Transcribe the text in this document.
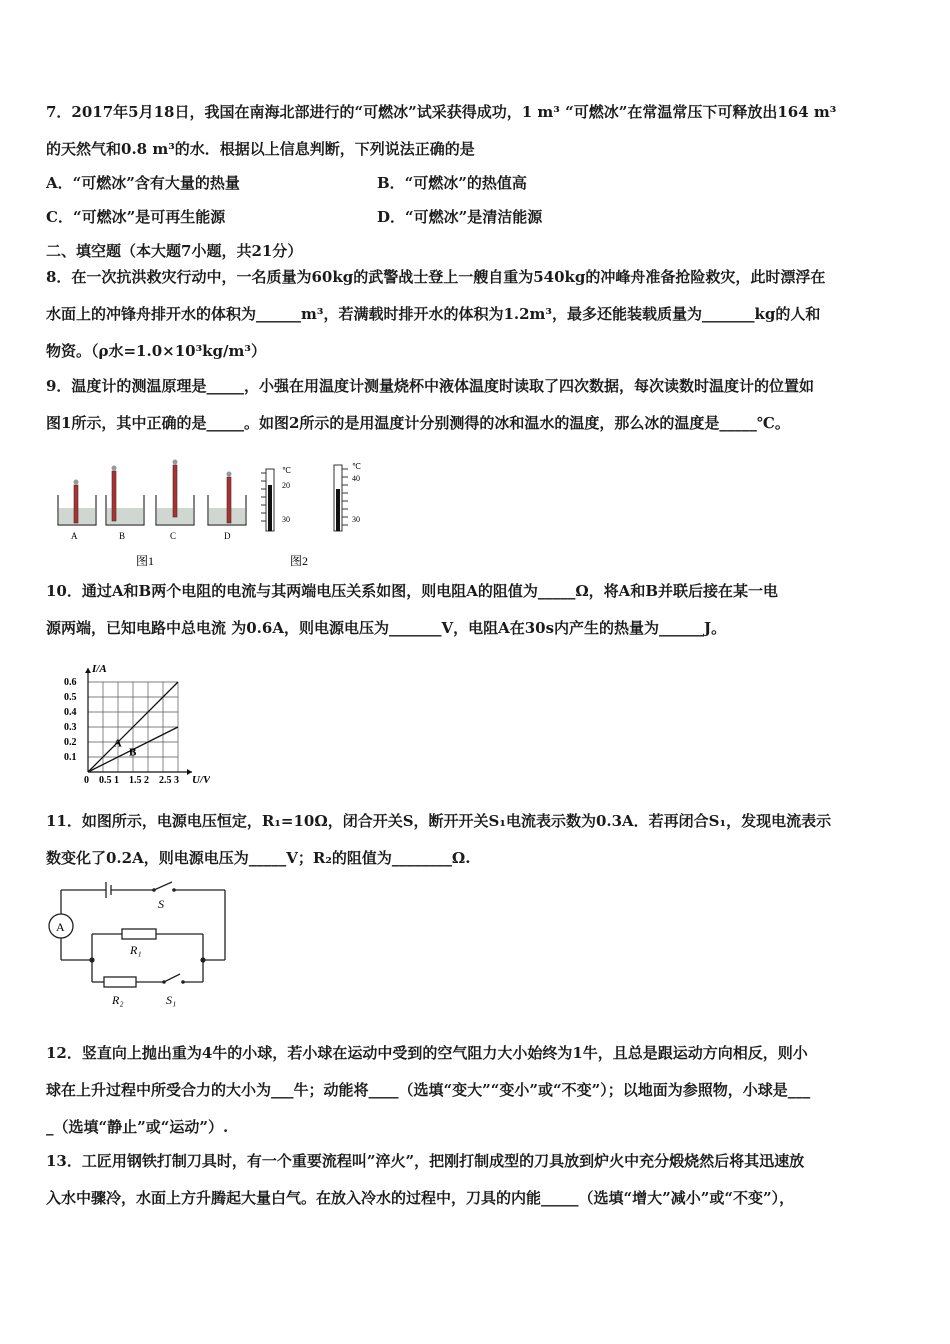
7．2017年5月18日，我国在南海北部进行的“可燃冰”试采获得成功，1 m³ “可燃冰”在常温常压下可释放出164 m³
的天然气和0.8 m³的水．根据以上信息判断，下列说法正确的是
A．“可燃冰”含有大量的热量	B．“可燃冰”的热值高
C．“可燃冰”是可再生能源	D．“可燃冰”是清洁能源
二、填空题（本大题7小题，共21分）
8．在一次抗洪救灾行动中，一名质量为60kg的武警战士登上一艘自重为540kg的冲峰舟准备抢险救灾，此时漂浮在
水面上的冲锋舟排开水的体积为______m³，若满载时排开水的体积为1.2m³，最多还能装载质量为_______kg的人和
物资。（ρ水=1.0×10³kg/m³）
9．温度计的测温原理是_____，小强在用温度计测量烧杯中液体温度时读取了四次数据，每次读数时温度计的位置如
图1所示，其中正确的是_____。如图2所示的是用温度计分别测得的冰和温水的温度，那么冰的温度是_____℃。
A	B	C	D
图1
℃
20
30
℃
40
30
图2
10．通过A和B两个电阻的电流与其两端电压关系如图，则电阻A的阻值为_____Ω，将A和B并联后接在某一电
源两端，已知电路中总电流 为0.6A，则电源电压为_______V，电阻A在30s内产生的热量为______J。
0 0.5 1 1.5 2 2.5 3
0.1
0.2
0.3
0.4
0.5
0.6
U/V
I/A
A
B
11．如图所示，电源电压恒定，R₁=10Ω，闭合开关S，断开开关S₁电流表示数为0.3A．若再闭合S₁，发现电流表示
数变化了0.2A，则电源电压为_____V；R₂的阻值为________Ω.
A
S
R₁
R₂	S₁
12．竖直向上抛出重为4牛的小球，若小球在运动中受到的空气阻力大小始终为1牛，且总是跟运动方向相反，则小
球在上升过程中所受合力的大小为___牛；动能将____（选填“变大”“变小”或“不变”）；以地面为参照物，小球是___
_（选填“静止”或“运动”）.
13．工匠用钢铁打制刀具时，有一个重要流程叫”淬火”，把刚打制成型的刀具放到炉火中充分煅烧然后将其迅速放
入水中骤冷，水面上方升腾起大量白气。在放入冷水的过程中，刀具的内能_____（选填“增大”减小”或“不变”），
